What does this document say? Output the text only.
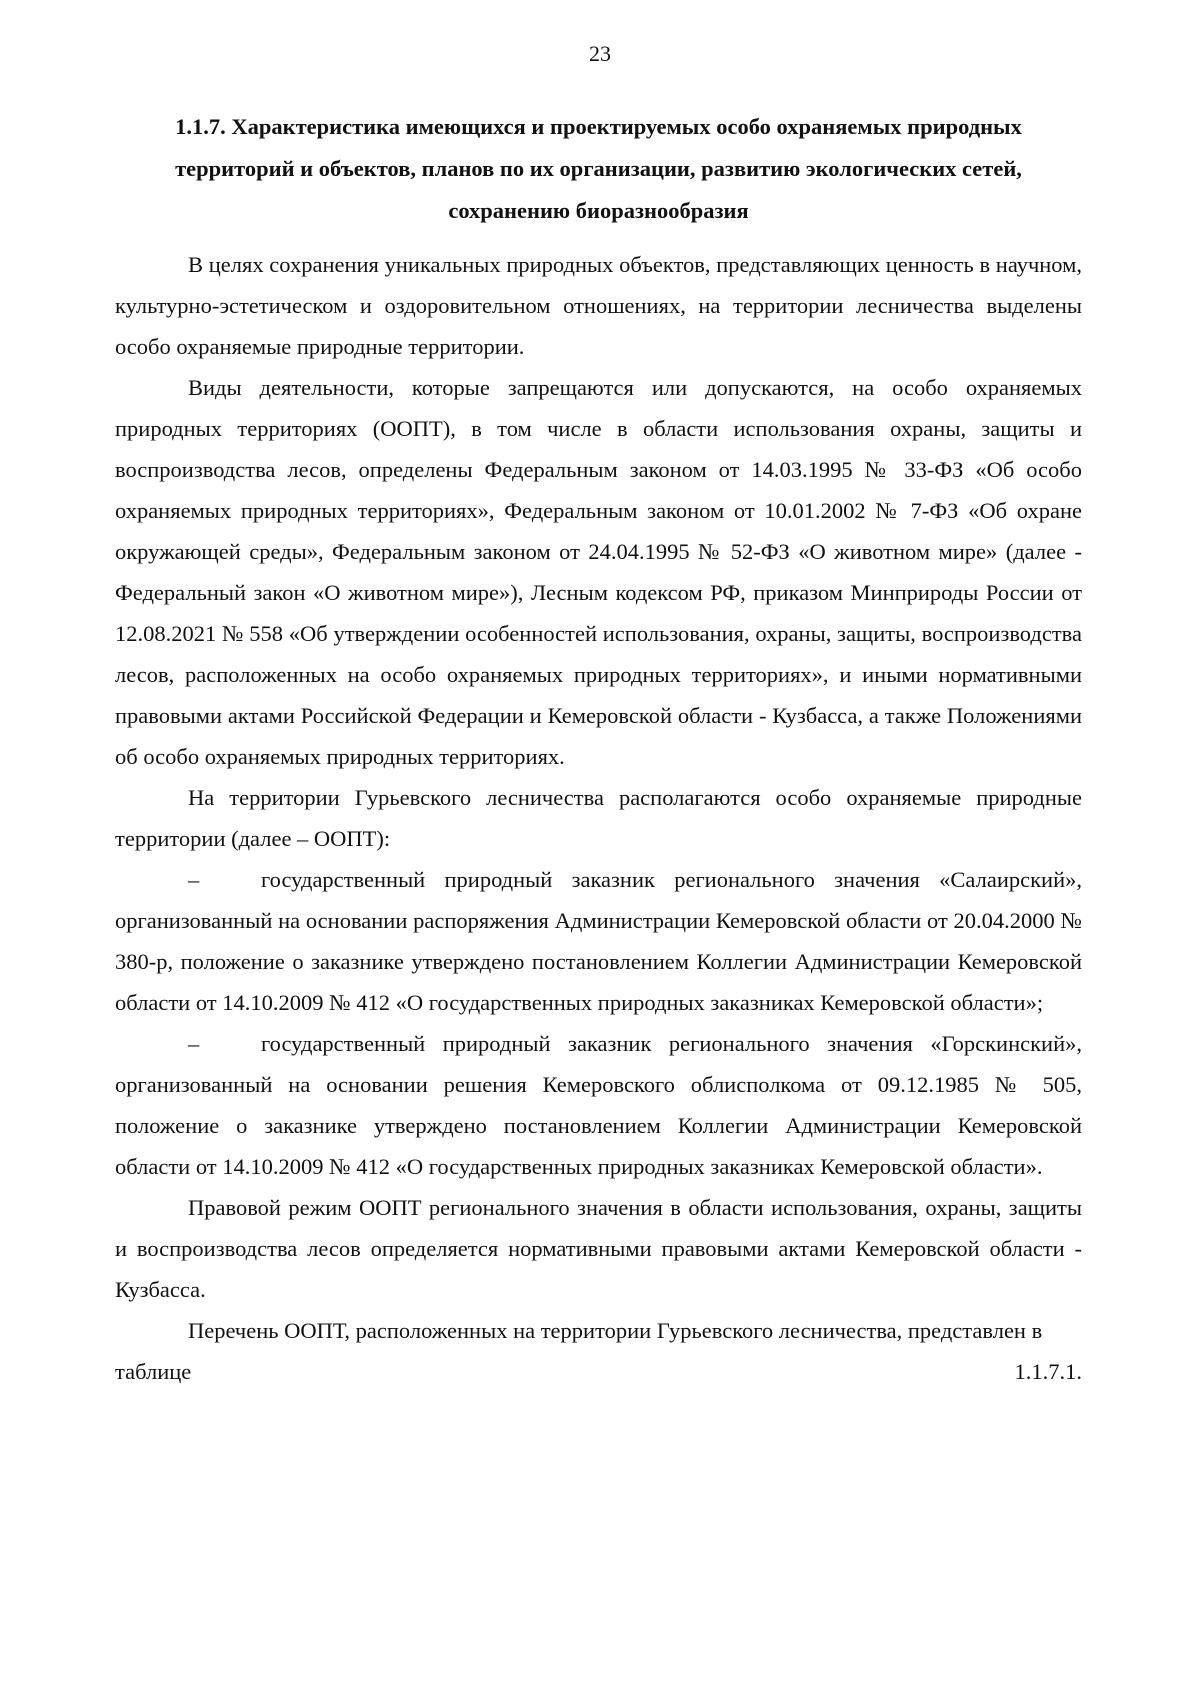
23
1.1.7. Характеристика имеющихся и проектируемых особо охраняемых природных
территорий и объектов, планов по их организации, развитию экологических сетей,
сохранению биоразнообразия

В целях сохранения уникальных природных объектов, представляющих ценность в научном, культурно-эстетическом и оздоровительном отношениях, на территории лесничества выделены особо охраняемые природные территории.

Виды деятельности, которые запрещаются или допускаются, на особо охраняемых природных территориях (ООПТ), в том числе в области использования охраны, защиты и воспроизводства лесов, определены Федеральным законом от 14.03.1995 № 33-ФЗ «Об особо охраняемых природных территориях», Федеральным законом от 10.01.2002 № 7-ФЗ «Об охране окружающей среды», Федеральным законом от 24.04.1995 № 52-ФЗ «О животном мире» (далее - Федеральный закон «О животном мире»), Лесным кодексом РФ, приказом Минприроды России от 12.08.2021 № 558 «Об утверждении особенностей использования, охраны, защиты, воспроизводства лесов, расположенных на особо охраняемых природных территориях», и иными нормативными правовыми актами Российской Федерации и Кемеровской области - Кузбасса, а также Положениями об особо охраняемых природных территориях.

На территории Гурьевского лесничества располагаются особо охраняемые природные территории (далее – ООПТ):

–	государственный природный заказник регионального значения «Салаирский», организованный на основании распоряжения Администрации Кемеровской области от 20.04.2000 № 380-р, положение о заказнике утверждено постановлением Коллегии Администрации Кемеровской области от 14.10.2009 № 412 «О государственных природных заказниках Кемеровской области»;

–	государственный природный заказник регионального значения «Горскинский», организованный на основании решения Кемеровского облисполкома от 09.12.1985 № 505, положение о заказнике утверждено постановлением Коллегии Администрации Кемеровской области от 14.10.2009 № 412 «О государственных природных заказниках Кемеровской области».

Правовой режим ООПТ регионального значения в области использования, охраны, защиты и воспроизводства лесов определяется нормативными правовыми актами Кемеровской области - Кузбасса.

Перечень ООПТ, расположенных на территории Гурьевского лесничества, представлен в

таблице	1.1.7.1.
